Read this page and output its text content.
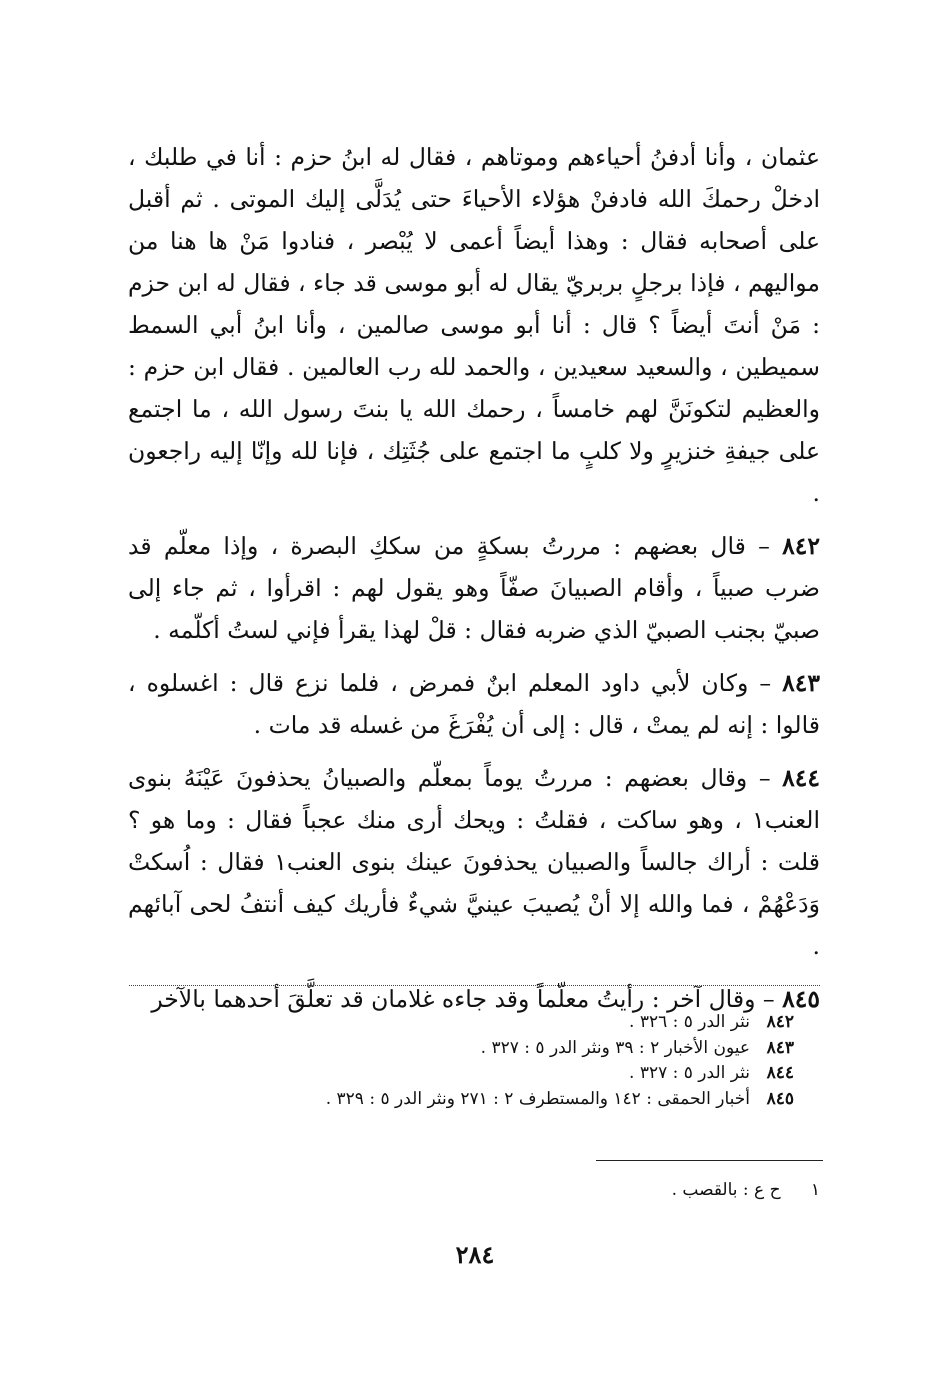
عثمان ، وأنا أدفنُ أحياءهم وموتاهم ، فقال له ابنُ حزم : أنا في طلبك ، ادخلْ رحمكَ الله فادفنْ هؤلاء الأحياءَ حتى يُدَلَّى إليك الموتى . ثم أقبل على أصحابه فقال : وهذا أيضاً أعمى لا يُبْصر ، فنادوا مَنْ ها هنا من مواليهم ، فإذا برجلٍ بربريّ يقال له أبو موسى قد جاء ، فقال له ابن حزم : مَنْ أنتَ أيضاً ؟ قال : أنا أبو موسى صالمين ، وأنا ابنُ أبي السمط سميطين ، والسعيد سعيدين ، والحمد لله رب العالمين . فقال ابن حزم : والعظيم لتكونَنَّ لهم خامساً ، رحمك الله يا بنتَ رسول الله ، ما اجتمع على جيفةِ خنزيرٍ ولا كلبٍ ما اجتمع على جُثَتِك ، فإنا لله وإنّا إليه راجعون .

٨٤٢ – قال بعضهم : مررتُ بسكةٍ من سككِ البصرة ، وإذا معلّم قد ضرب صبياً ، وأقام الصبيانَ صفّاً وهو يقول لهم : اقرأوا ، ثم جاء إلى صبيّ بجنب الصبيّ الذي ضربه فقال : قلْ لهذا يقرأ فإني لستُ أكلّمه .

٨٤٣ – وكان لأبي داود المعلم ابنٌ فمرض ، فلما نزع قال : اغسلوه ، قالوا : إنه لم يمتْ ، قال : إلى أن يُفْرَغَ من غسله قد مات .

٨٤٤ – وقال بعضهم : مررتُ يوماً بمعلّم والصبيانُ يحذفونَ عَيْنَهُ بنوى العنب١ ، وهو ساكت ، فقلتُ : ويحك أرى منك عجباً فقال : وما هو ؟ قلت : أراك جالساً والصبيان يحذفونَ عينك بنوى العنب١ فقال : اُسكتْ وَدَعْهُمْ ، فما والله إلا أنْ يُصيبَ عينيَّ شيءٌ فأريك كيف أنتفُ لحى آبائهم .

٨٤٥ – وقال آخر : رأيتُ معلّماً وقد جاءه غلامان قد تعلَّقَ أحدهما بالآخر

٨٤٢
نثر الدر ٥ : ٣٢٦ .
٨٤٣
عيون الأخبار ٢ : ٣٩ ونثر الدر ٥ : ٣٢٧ .
٨٤٤
نثر الدر ٥ : ٣٢٧ .
٨٤٥
أخبار الحمقى : ١٤٢ والمستطرف ٢ : ٢٧١ ونثر الدر ٥ : ٣٢٩ .
١ ح ع : بالقصب .
٢٨٤
